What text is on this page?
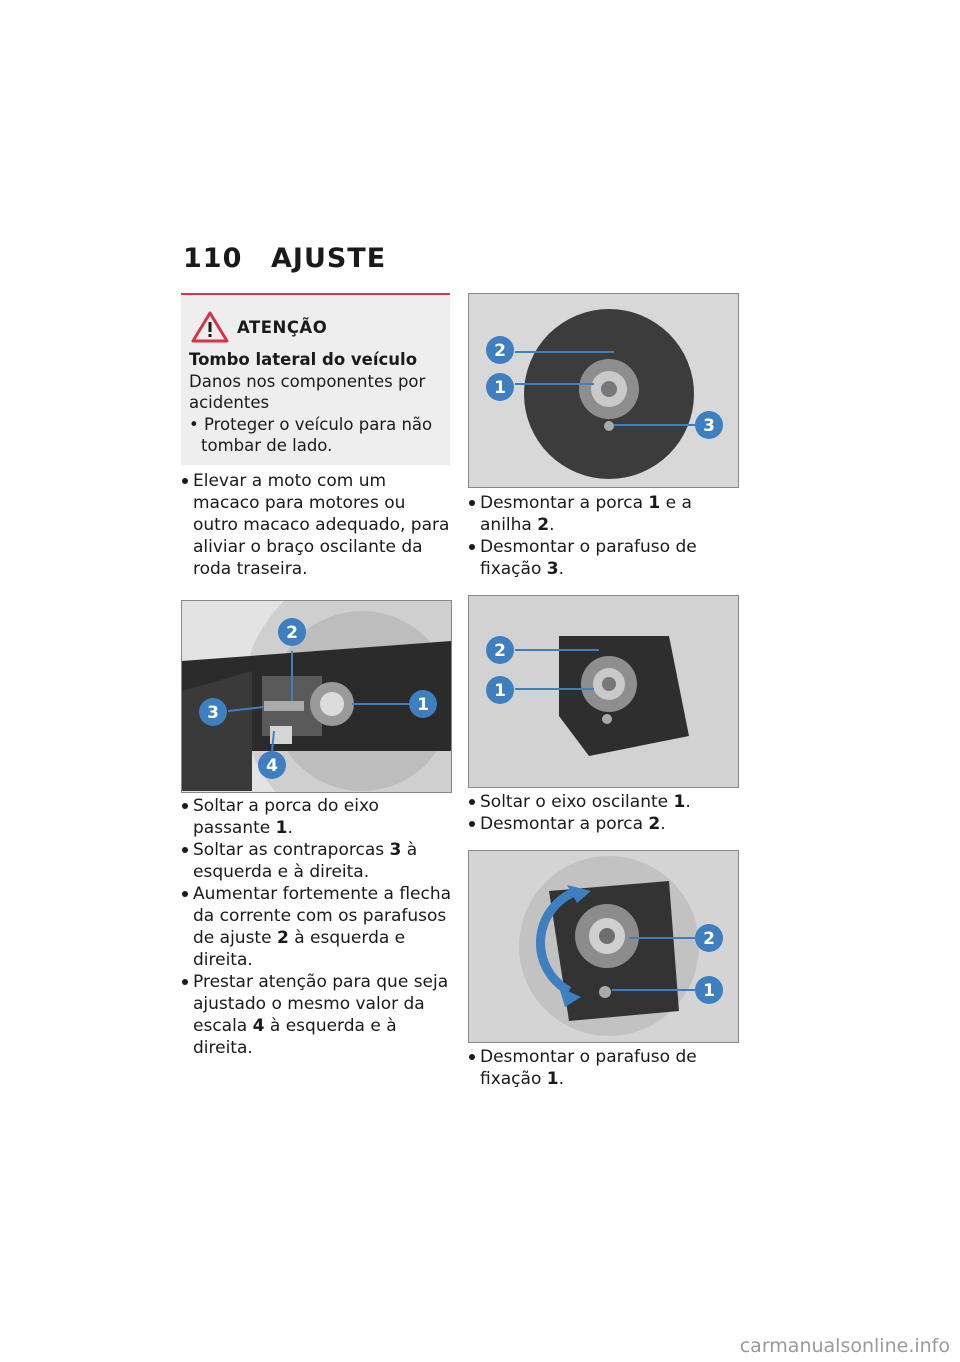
110 AJUSTE
ATENÇÃO
Tombo lateral do veículo
Danos nos componentes por acidentes
• Proteger o veículo para não tombar de lado.
Elevar a moto com um macaco para motores ou outro macaco adequado, para aliviar o braço oscilante da roda traseira.
1
2
3
4
Soltar a porca do eixo passante 1.
Soltar as contraporcas 3 à esquerda e à direita.
Aumentar fortemente a flecha da corrente com os parafusos de ajuste 2 à esquerda e direita.
Prestar atenção para que seja ajustado o mesmo valor da escala 4 à esquerda e à direita.
2
1
3
Desmontar a porca 1 e a anilha 2.
Desmontar o parafuso de fixação 3.
2
1
Soltar o eixo oscilante 1.
Desmontar a porca 2.
2
1
Desmontar o parafuso de fixação 1.
carmanualsonline.info
